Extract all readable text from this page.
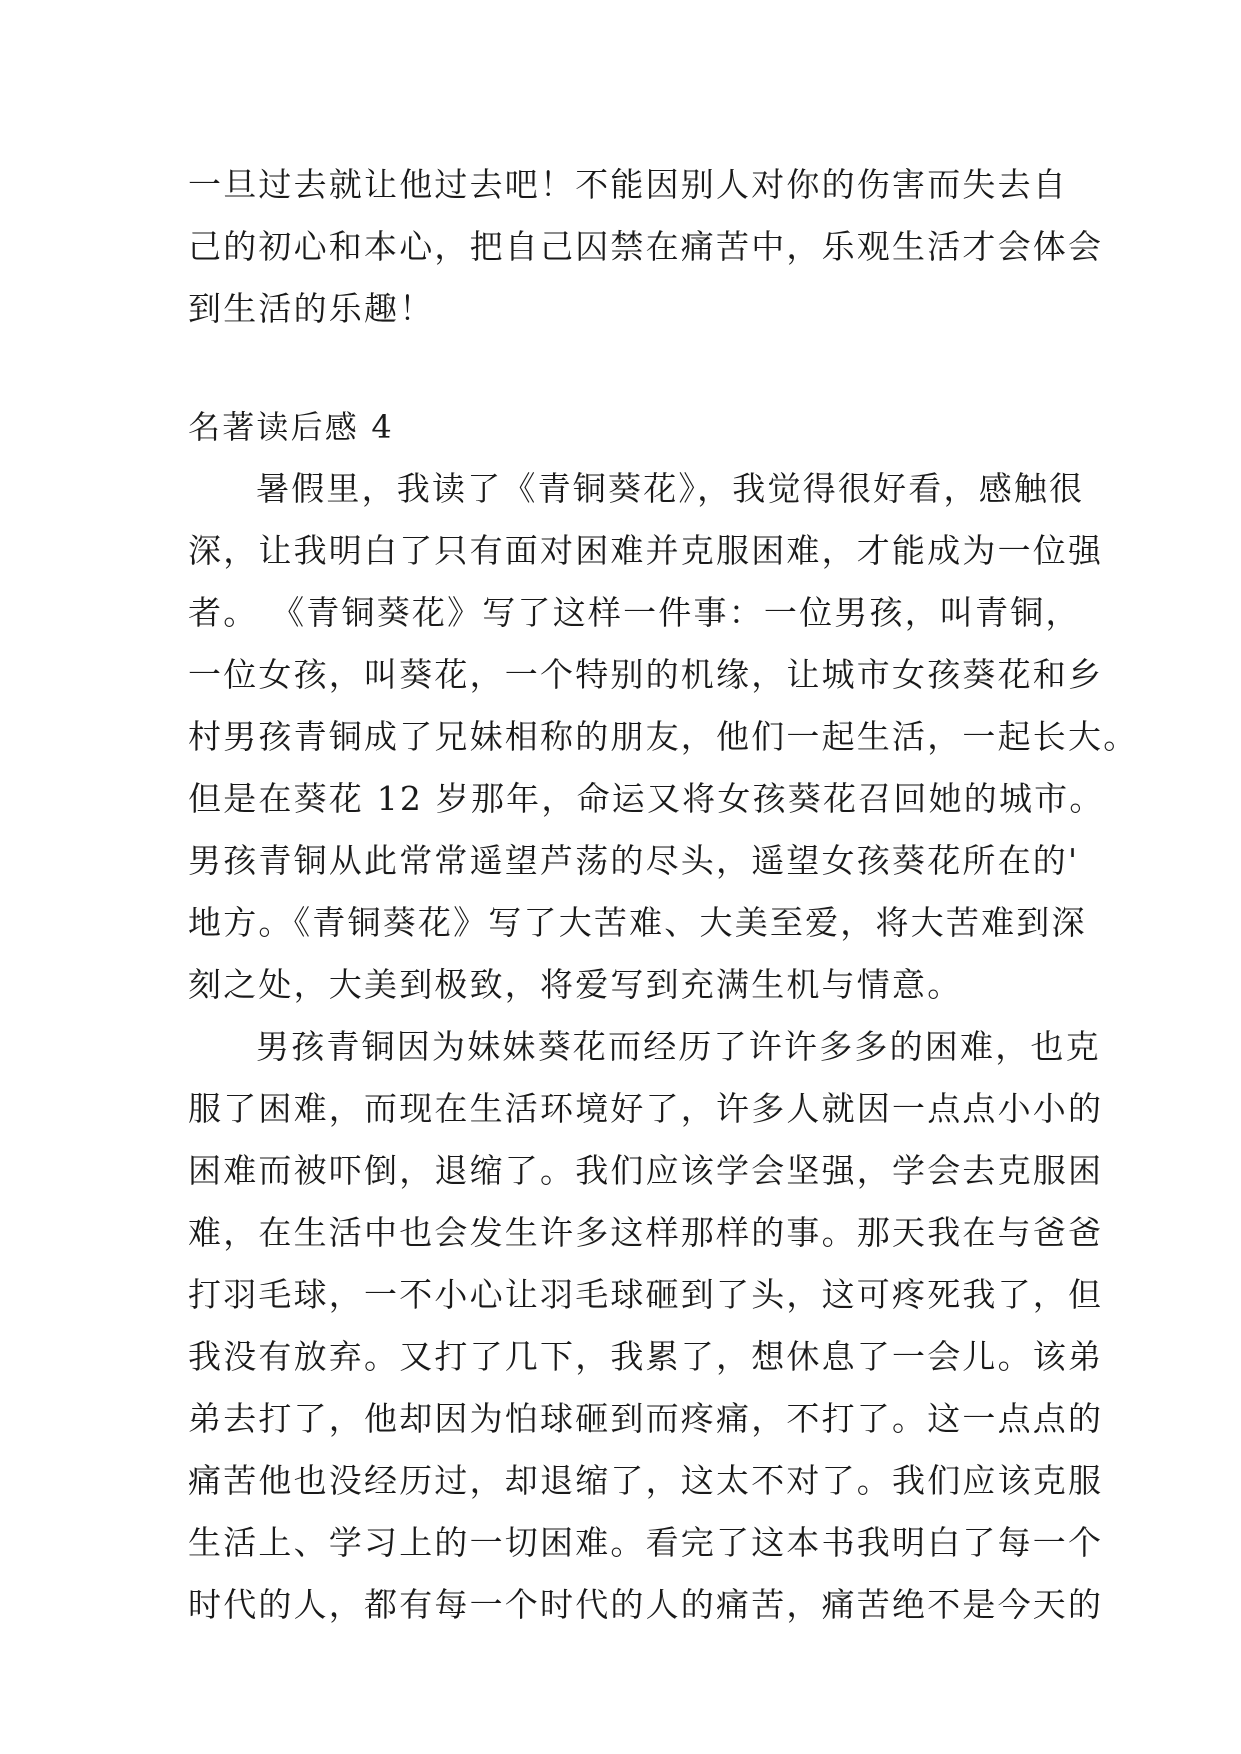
一旦过去就让他过去吧！不能因别人对你的伤害而失去自
己的初心和本心，把自己囚禁在痛苦中，乐观生活才会体会
到生活的乐趣！
名著读后感 4
暑假里，我读了《青铜葵花》，我觉得很好看，感触很
深，让我明白了只有面对困难并克服困难，才能成为一位强
者。 《青铜葵花》写了这样一件事：一位男孩，叫青铜，
一位女孩，叫葵花，一个特别的机缘，让城市女孩葵花和乡
村男孩青铜成了兄妹相称的朋友，他们一起生活，一起长大。
但是在葵花 12 岁那年，命运又将女孩葵花召回她的城市。
男孩青铜从此常常遥望芦荡的尽头，遥望女孩葵花所在的'
地方。《青铜葵花》写了大苦难、大美至爱，将大苦难到深
刻之处，大美到极致，将爱写到充满生机与情意。
男孩青铜因为妹妹葵花而经历了许许多多的困难，也克
服了困难，而现在生活环境好了，许多人就因一点点小小的
困难而被吓倒，退缩了。我们应该学会坚强，学会去克服困
难，在生活中也会发生许多这样那样的事。那天我在与爸爸
打羽毛球，一不小心让羽毛球砸到了头，这可疼死我了，但
我没有放弃。又打了几下，我累了，想休息了一会儿。该弟
弟去打了，他却因为怕球砸到而疼痛，不打了。这一点点的
痛苦他也没经历过，却退缩了，这太不对了。我们应该克服
生活上、学习上的一切困难。看完了这本书我明白了每一个
时代的人，都有每一个时代的人的痛苦，痛苦绝不是今天的
